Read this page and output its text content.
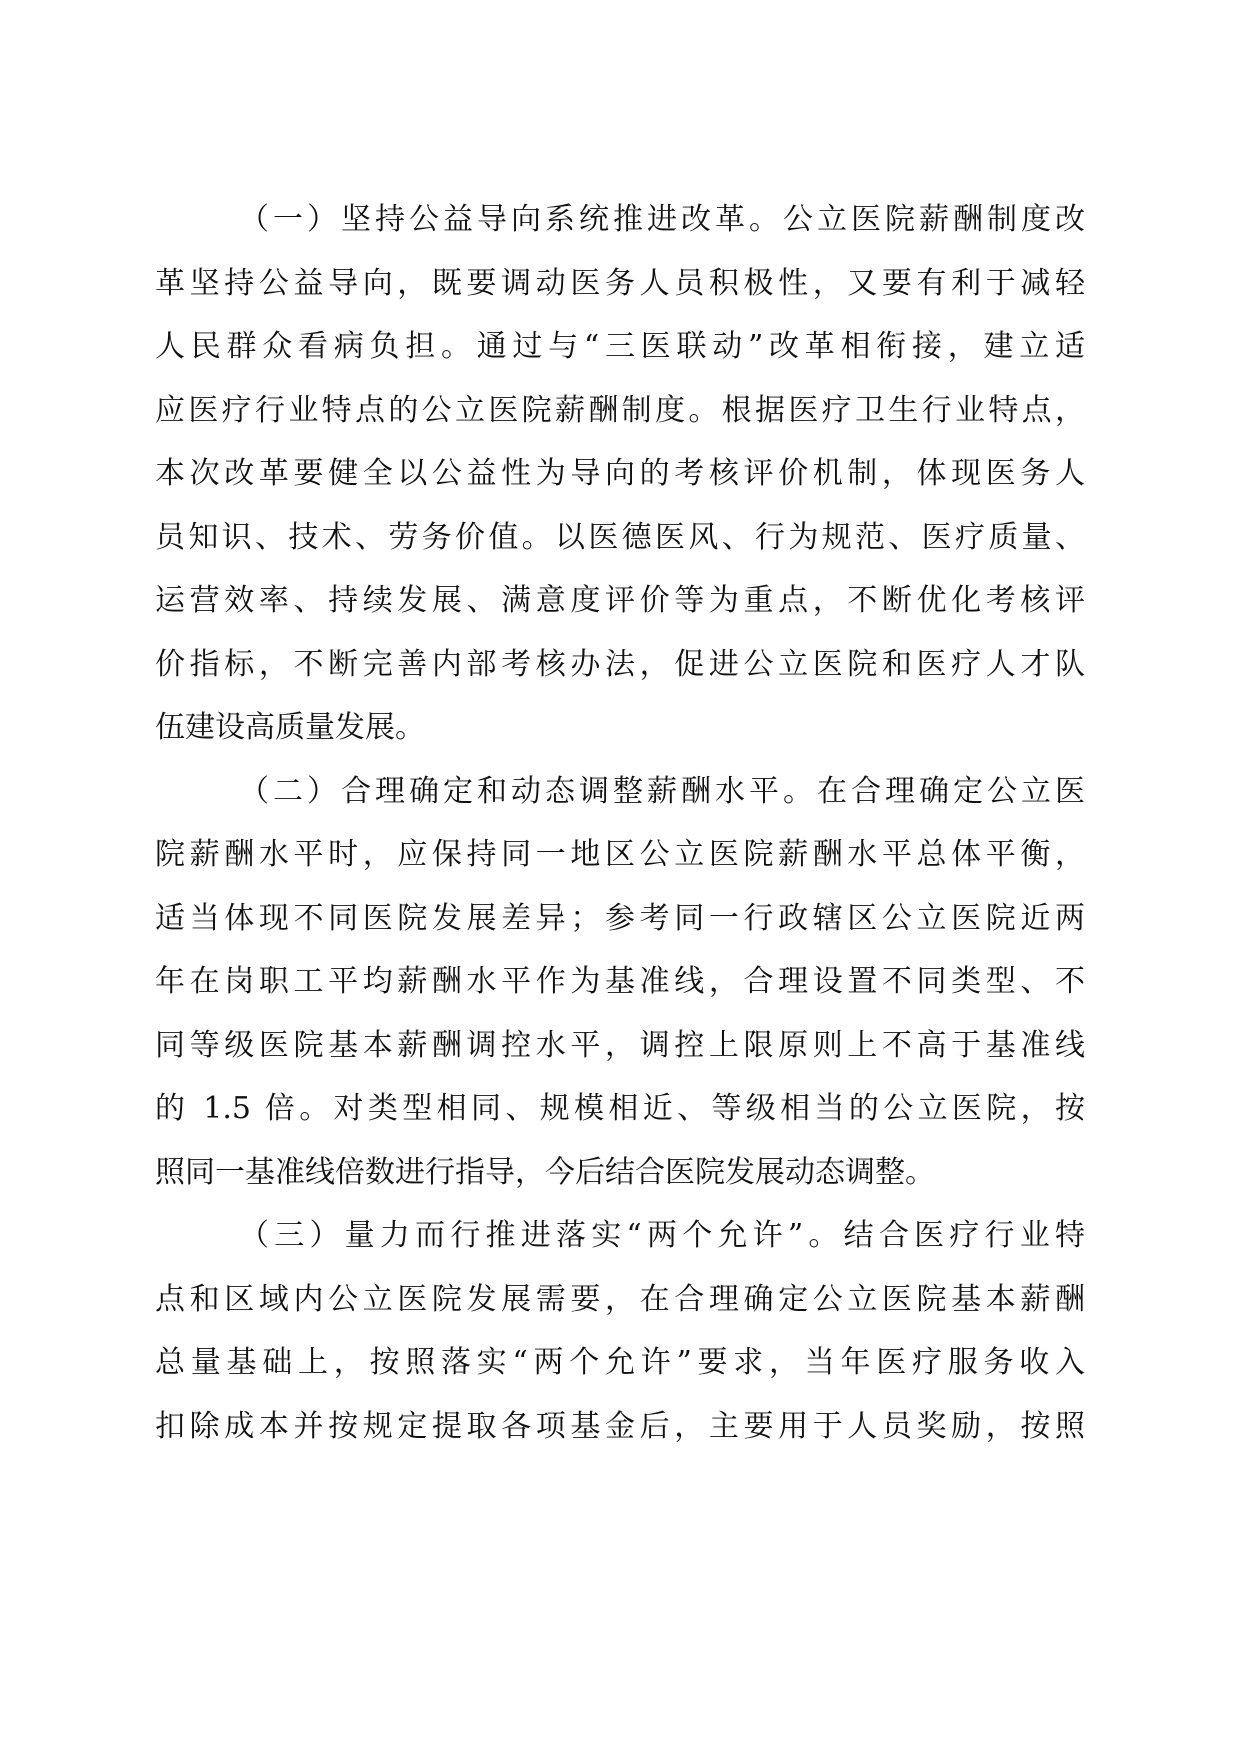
（一）坚持公益导向系统推进改革。公立医院薪酬制度改
革坚持公益导向，既要调动医务人员积极性，又要有利于减轻
人民群众看病负担。通过与“三医联动”改革相衔接，建立适
应医疗行业特点的公立医院薪酬制度。根据医疗卫生行业特点，
本次改革要健全以公益性为导向的考核评价机制，体现医务人
员知识、技术、劳务价值。以医德医风、行为规范、医疗质量、
运营效率、持续发展、满意度评价等为重点，不断优化考核评
价指标，不断完善内部考核办法，促进公立医院和医疗人才队
伍建设高质量发展。
（二）合理确定和动态调整薪酬水平。在合理确定公立医
院薪酬水平时，应保持同一地区公立医院薪酬水平总体平衡，
适当体现不同医院发展差异；参考同一行政辖区公立医院近两
年在岗职工平均薪酬水平作为基准线，合理设置不同类型、不
同等级医院基本薪酬调控水平，调控上限原则上不高于基准线
的 1.5 倍。对类型相同、规模相近、等级相当的公立医院，按
照同一基准线倍数进行指导，今后结合医院发展动态调整。
（三）量力而行推进落实“两个允许”。结合医疗行业特
点和区域内公立医院发展需要，在合理确定公立医院基本薪酬
总量基础上，按照落实“两个允许”要求，当年医疗服务收入
扣除成本并按规定提取各项基金后，主要用于人员奖励，按照
